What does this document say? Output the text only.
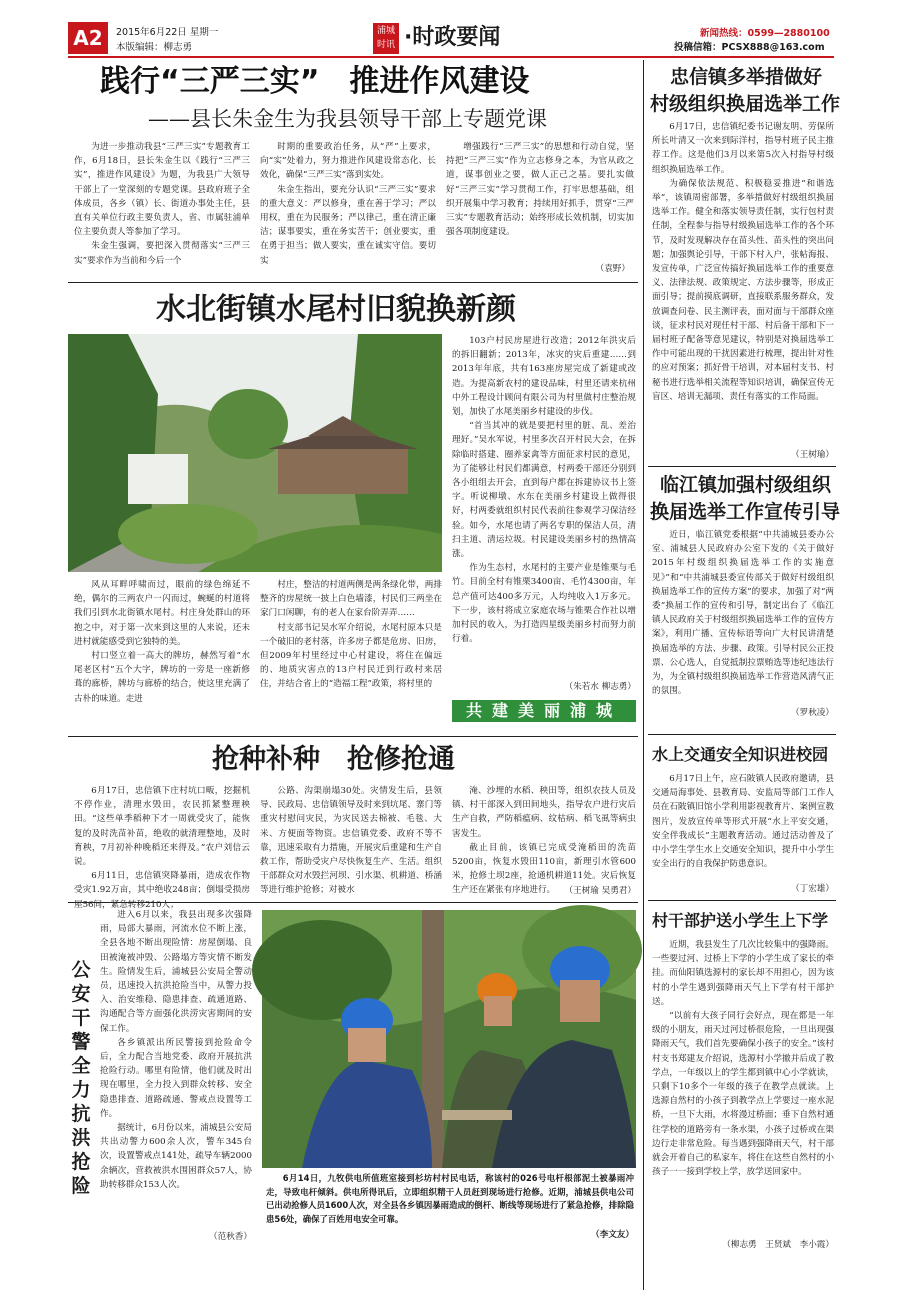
A2	2015年6月22日 星期一
本版编辑：柳志勇
浦城时讯 ·时政要闻	新闻热线：0599—2880100
投稿信箱：PCSX888@163.com
践行“三严三实”　推进作风建设
——县长朱金生为我县领导干部上专题党课

为进一步推动我县“三严三实”专题教育工作，6月18日，县长朱金生以《践行“三严三实”，推进作风建设》为题，为我县广大领导干部上了一堂深刻的专题党课。县政府班子全体成员，各乡（镇）长、街道办事处主任，县直有关单位行政主要负责人，省、市属驻浦单位主要负责人等参加了学习。

朱金生强调，要把深入贯彻落实“三严三实”要求作为当前和今后一个

时期的重要政治任务，从“严”上要求，向“实”处着力，努力推进作风建设常态化、长效化，确保“三严三实”落到实处。

朱金生指出，要充分认识“三严三实”要求的重大意义：严以修身，重在善于学习；严以用权，重在为民服务；严以律己，重在清正廉洁；谋事要实，重在务实苦干；创业要实，重在勇于担当；做人要实，重在诚实守信。要切实

增强践行“三严三实”的思想和行动自觉，坚持把“三严三实”作为立志修身之本，为官从政之道，谋事创业之要，做人正己之基。要扎实做好“三严三实”学习贯彻工作，打牢思想基础，组织开展集中学习教育；持续用好抓手，贯穿“三严三实”专题教育活动；始终形成长效机制，切实加强各项制度建设。

（袁野）
水北街镇水尾村旧貌换新颜

风从耳畔呼啸而过，眼前的绿色绵延不绝，偶尔的三两农户一闪而过，蜿蜒的村道将我们引到水北街镇水尾村。村庄身处群山的环抱之中，对于第一次来到这里的人来说，还未进村就能感受到它独特的美。

村口竖立着一高大的牌坊，赫然写着“水尾老区村”五个大字，牌坊的一旁是一座新修葺的廊桥，牌坊与廊桥的结合，使这里充满了古朴的味道。走进

村庄，整洁的村道两侧是两条绿化带，两排整齐的房屋统一披上白色墙漆，村民们三两坐在家门口闲聊，有的老人在家台阶弄弄……

村支部书记吴水军介绍说，水尾村原本只是一个破旧的老村落，许多房子都是危房、旧房，但2009年村里经过中心村建设，将住在偏远的、地质灾害点的13户村民迁到行政村来居住，并结合省上的“造福工程”政策，将村里的

103户村民房屋进行改造；2012年洪灾后的拆旧翻新；2013年，冰灾的灾后重建……到2013年年底，共有163座房屋完成了新建或改造。为提高新农村的建设品味，村里还请来杭州中外工程设计顾问有限公司为村里做村庄整治规划，加快了水尾美丽乡村建设的步伐。

“首当其冲的就是要把村里的脏、乱、差治理好。”吴水军说，村里多次召开村民大会，在拆除临时搭建、圈养家禽等方面征求村民的意见，为了能够让村民们都满意，村两委干部还分别到各小组组去开会，直到每户都在拆建协议书上签字。听说柳墩、水东在美丽乡村建设上做得很好，村两委就组织村民代表前往参观学习保洁经验。如今，水尾也请了两名专职的保洁人员，清扫主道、清运垃圾。村民建设美丽乡村的热情高涨。

作为生态村，水尾村的主要产业是锥栗与毛竹。目前全村有锥栗3400亩、毛竹4300亩，年总产值可达400多万元，人均纯收入1万多元。下一步，该村将成立家庭农场与锥栗合作社以增加村民的收入，为打造四星级美丽乡村而努力前行着。

（朱若水 柳志勇）
共建美丽浦城
忠信镇多举措做好
村级组织换届选举工作

6月17日，忠信镇纪委书记谢友明、劳保所所长叶清又一次来到际洋村，指导村班子民主推荐工作。这是他们3月以来第5次入村指导村级组织换届选举工作。

为确保依法规范、积极稳妥推进“和谐选举”，该镇周密部署，多举措做好村级组织换届选举工作。健全和落实领导责任制，实行包村责任制，全程参与指导村级换届选举工作的各个环节，及时发现解决存在苗头性、苗头性的突出问题；加强舆论引导，干部下村入户，张帖海报、发宣传单，广泛宣传搞好换届选举工作的重要意义、法律法规、政策规定、方法步骤等，形成正面引导；提前摸底调研，直接联系服务群众，发放调查问卷、民主测评表，面对面与干部群众座谈，征求村民对现任村干部、村后备干部和下一届村班子配备等意见建议，特别是对换届选举工作中可能出现的干扰因素进行梳理，提出针对性的应对预案；抓好骨干培训，对本届村支书、村秘书进行选举相关流程等知识培训，确保宣传无盲区、培训无漏项、责任有落实的工作局面。

（王树瑜）
临江镇加强村级组织
换届选举工作宣传引导

近日，临江镇党委根据“中共浦城县委办公室、浦城县人民政府办公室下发的《关于做好2015年村级组织换届选举工作的实施意见》”和“中共浦城县委宣传部关于做好村级组织换届选举工作的宣传方案”的要求，加强了对“两委”换届工作的宣传和引导，制定出台了《临江镇人民政府关于村级组织换届选举工作的宣传方案》，利用广播、宣传标语等向广大村民讲清楚换届选举的方法、步骤、政策。引导村民公正投票、公心选人，自觉抵制拉票贿选等违纪违法行为，为全镇村级组织换届选举工作营造风清气正的氛围。

（罗秋凌）
抢种补种　抢修抢通

6月17日，忠信镇下庄村坑口畈，挖掘机不停作业，清理水毁田，农民抓紧整理秧田。“这些单季稻种下才一周就受灾了，能恢复的及时洗苗补苗，绝收的就清理整地，及时育秧，7月初补种晚稻还来得及。”农户刘信云说。

6月11日，忠信镇突降暴雨，造成农作物受灾1.92万亩，其中绝收248亩；倒塌受损房屋56间，紧急转移210人；

公路、沟渠崩塌30处。灾情发生后，县领导、民政局、忠信镇领导及时来到坑尾、寨门等重灾村慰问灾民，为灾民送去棉被、毛毯、大米、方便面等物资。忠信镇党委、政府不等不靠，迅速采取有力措施，开展灾后重建和生产自救工作，帮助受灾户尽快恢复生产、生活。组织干部群众对水毁拦河坝、引水渠、机耕道、桥涵等进行维护抢修；对被水

淹、沙埋的水稻、秧田等，组织农技人员及镇、村干部深入到田间地头，指导农户进行灾后生产自救，严防稻瘟病、纹枯病、稻飞虱等病虫害发生。

截止目前，该镇已完成受淹稻田的洗苗5200亩，恢复水毁田110亩，新理引水管600米，抢修土坝2座，抢通机耕道11处。灾后恢复生产还在紧张有序地进行。	（王树瑜 吴勇君）
水上交通安全知识进校园

6月17日上午，应石陂镇人民政府邀请，县交通局海事处、县教育局、安监局等部门工作人员在石陂镇旧馆小学利用影视教育片、案例宣教图片，发放宣传单等形式开展“水上平安交通，安全伴我成长”主题教育活动。通过活动普及了中小学生学生水上交通安全知识，提升中小学生安全出行的自我保护防患意识。

（丁宏雄）
公安干警全力抗洪抢险

进入6月以来，我县出现多次强降雨，局部大暴雨，河流水位不断上涨，全县各地不断出现险情：房屋倒塌、良田被淹被冲毁、公路塌方等灾情不断发生。险情发生后，浦城县公安局全警动员，迅速投入抗洪抢险当中，从警力投入、治安维稳、隐患排查、疏通道路、沟通配合等方面强化洪涝灾害期间的安保工作。

各乡镇派出所民警接到抢险命令后，全力配合当地党委、政府开展抗洪抢险行动。哪里有险情，他们就及时出现在哪里，全力投入到群众转移、安全隐患排查、道路疏通、警戒点设置等工作。

据统计，6月份以来，浦城县公安局共出动警力600余人次，警车345台次，设置警戒点141处，疏导车辆2000余辆次，营救被洪水围困群众57人，协助转移群众153人次。

（范秋香）

6月14日，九牧供电所值班室接到杉坊村村民电话，称该村的026号电杆根部泥土被暴雨冲走，导致电杆倾斜。供电所得讯后，立即组织精干人员赶到现场进行抢修。近期，浦城县供电公司已出动抢修人员1600人次，对全县各乡镇因暴雨造成的倒杆、断线等现场进行了紧急抢修，排除隐患56处，确保了百姓用电安全可靠。

（李文友）
村干部护送小学生上下学

近期，我县发生了几次比较集中的强降雨。一些要过河、过桥上下学的小学生成了家长的牵挂。而仙阳镇选源村的家长却不用担心，因为该村的小学生遇到强降雨天气上下学有村干部护送。

“以前有大孩子同行会好点，现在都是一年级的小朋友，雨天过河过桥很危险，一旦出现强降雨天气，我们首先要确保小孩子的安全。”该村村支书郑建友介绍说，选源村小学撤并后成了教学点，一年级以上的学生都到镇中心小学就读，只剩下10多个一年级的孩子在教学点就读。上选源自然村的小孩子到教学点上学要过一座水泥桥，一旦下大雨，水将漫过桥面；垂下自然村通往学校的道路旁有一条水渠，小孩子过桥或在渠边行走非常危险。每当遇到强降雨天气，村干部就会开着自己的私家车，将住在这些自然村的小孩子一一接到学校上学，放学送回家中。

（柳志勇　王贤斌　李小霞）
